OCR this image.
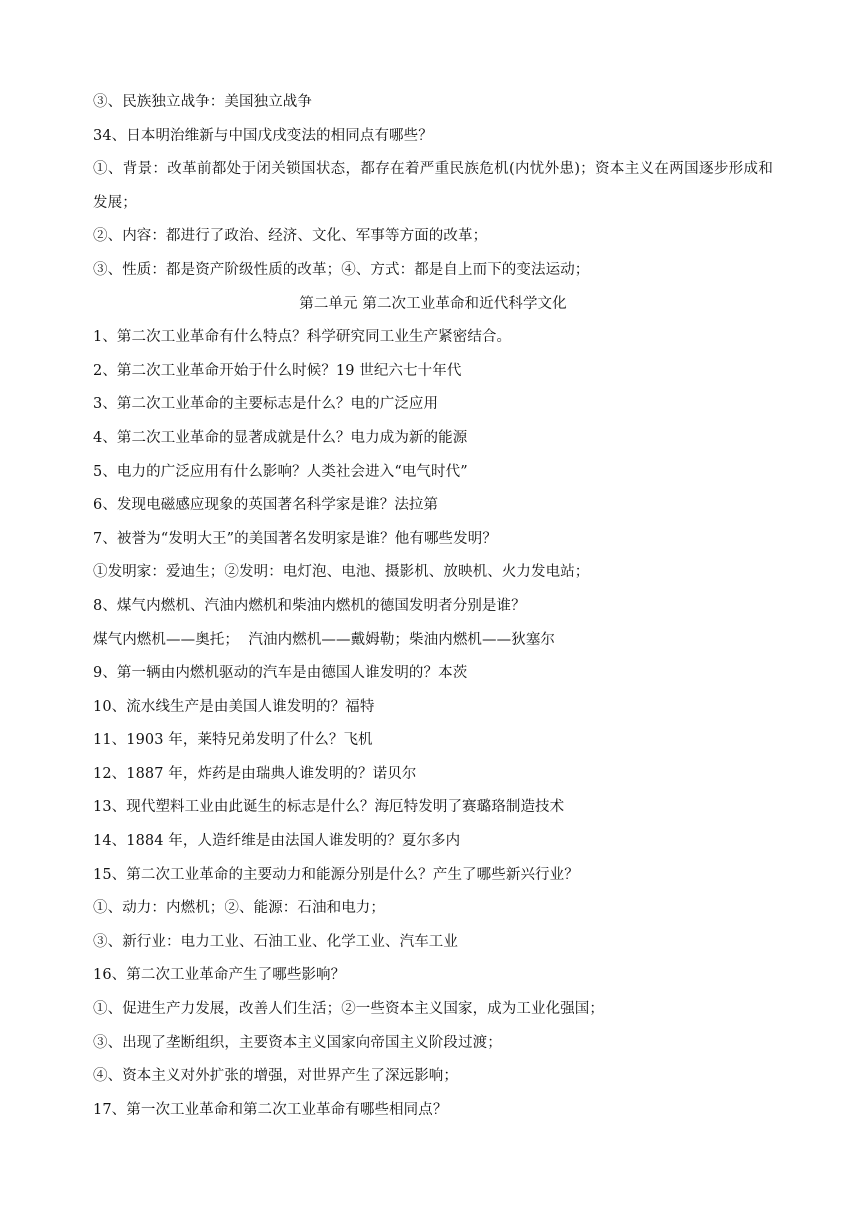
③、民族独立战争：美国独立战争
34、日本明治维新与中国戊戌变法的相同点有哪些？
①、背景：改革前都处于闭关锁国状态，都存在着严重民族危机(内忧外患)；资本主义在两国逐步形成和发展；
②、内容：都进行了政治、经济、文化、军事等方面的改革；
③、性质：都是资产阶级性质的改革；④、方式：都是自上而下的变法运动；
第二单元 第二次工业革命和近代科学文化
1、第二次工业革命有什么特点？科学研究同工业生产紧密结合。
2、第二次工业革命开始于什么时候？19 世纪六七十年代
3、第二次工业革命的主要标志是什么？电的广泛应用
4、第二次工业革命的显著成就是什么？电力成为新的能源
5、电力的广泛应用有什么影响？人类社会进入“电气时代”
6、发现电磁感应现象的英国著名科学家是谁？法拉第
7、被誉为“发明大王”的美国著名发明家是谁？他有哪些发明？
①发明家：爱迪生；②发明：电灯泡、电池、摄影机、放映机、火力发电站；
8、煤气内燃机、汽油内燃机和柴油内燃机的德国发明者分别是谁？
煤气内燃机——奥托；  汽油内燃机——戴姆勒；柴油内燃机——狄塞尔
9、第一辆由内燃机驱动的汽车是由德国人谁发明的？本茨
10、流水线生产是由美国人谁发明的？福特
11、1903 年，莱特兄弟发明了什么？飞机
12、1887 年，炸药是由瑞典人谁发明的？诺贝尔
13、现代塑料工业由此诞生的标志是什么？海厄特发明了赛璐珞制造技术
14、1884 年，人造纤维是由法国人谁发明的？夏尔多内
15、第二次工业革命的主要动力和能源分别是什么？产生了哪些新兴行业？
①、动力：内燃机；②、能源：石油和电力；
③、新行业：电力工业、石油工业、化学工业、汽车工业
16、第二次工业革命产生了哪些影响？
①、促进生产力发展，改善人们生活；②一些资本主义国家，成为工业化强国；
③、出现了垄断组织，主要资本主义国家向帝国主义阶段过渡；
④、资本主义对外扩张的增强，对世界产生了深远影响；
17、第一次工业革命和第二次工业革命有哪些相同点？
